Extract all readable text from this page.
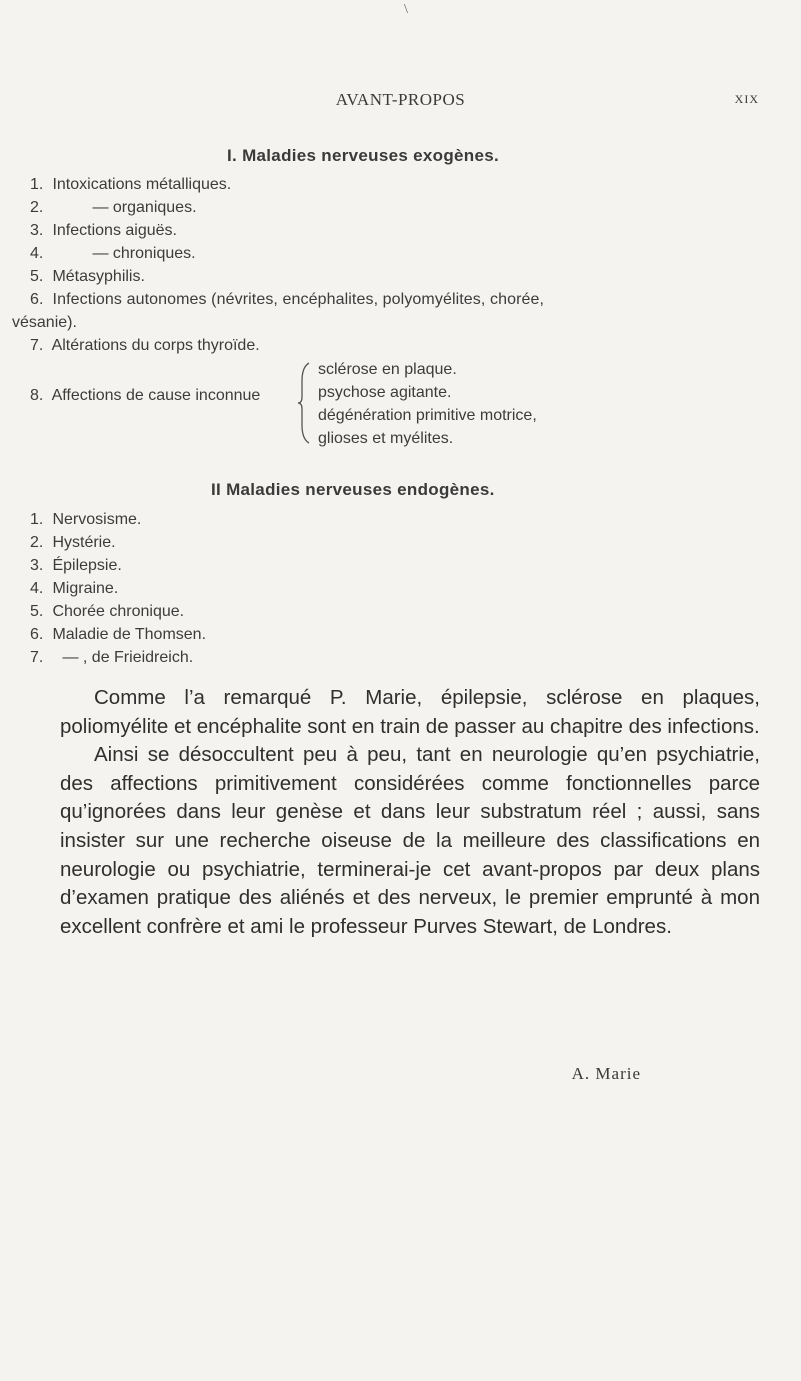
\
AVANT-PROPOS	XIX
I. Maladies nerveuses exogènes.
1. Intoxications métalliques.
2.	— organiques.
3. Infections aiguës.
4.	— chroniques.
5. Métasyphilis.
6. Infections autonomes (névrites, encéphalites, polyomyélites, chorée,
vésanie).
7. Altérations du corps thyroïde.
8. Affections de cause inconnue
sclérose en plaque.
psychose agitante.
dégénération primitive motrice,
glioses et myélites.
II Maladies nerveuses endogènes.
1. Nervosisme.
2. Hystérie.
3. Épilepsie.
4. Migraine.
5. Chorée chronique.
6. Maladie de Thomsen.
7. — , de Frieidreich.

Comme l’a remarqué P. Marie, épilepsie, sclérose en plaques, poliomyélite et encéphalite sont en train de passer au chapitre des infections.

Ainsi se désoccultent peu à peu, tant en neurologie qu’en psychiatrie, des affections primitivement considérées comme fonctionnelles parce qu’ignorées dans leur genèse et dans leur substratum réel ; aussi, sans insister sur une recherche oiseuse de la meilleure des classifications en neurologie ou psychiatrie, terminerai-je cet avant-propos par deux plans d’examen pratique des aliénés et des nerveux, le premier emprunté à mon excellent confrère et ami le professeur Purves Stewart, de Londres.

A. Marie
